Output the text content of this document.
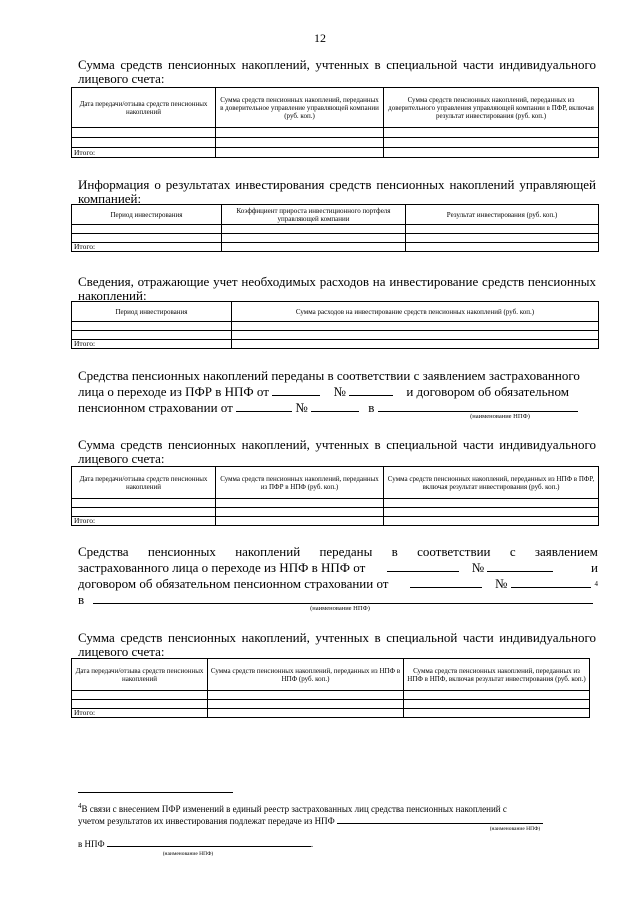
12
Сумма средств пенсионных накоплений, учтенных в специальной части индивидуального лицевого счета:
Дата передачи/отзыва средств пенсионных накоплений	Сумма средств пенсионных накоплений, переданных в доверительное управление управляющей компании (руб. коп.)	Сумма средств пенсионных накоплений, переданных из доверительного управления управляющей компании в ПФР, включая результат инвестирования (руб. коп.)

Итого:		
Информация о результатах инвестирования средств пенсионных накоплений управляющей компанией:
Период инвестирования	Коэффициент прироста инвестиционного портфеля управляющей компании	Результат инвестирования (руб. коп.)

Итого:		
Сведения, отражающие учет необходимых расходов на инвестирование средств пенсионных накоплений:
Период инвестирования	Сумма расходов на инвестирование средств пенсионных накоплений (руб. коп.)

Итого:	
Средства пенсионных накоплений переданы в соответствии с заявлением застрахованного
лица о переходе из ПФР в НПФ от	№	и договором об обязательном
пенсионном страховании от	№	в
(наименование НПФ)
Сумма средств пенсионных накоплений, учтенных в специальной части индивидуального лицевого счета:
Дата передачи/отзыва средств пенсионных накоплений	Сумма средств пенсионных накоплений, переданных из ПФР в НПФ (руб. коп.)	Сумма средств пенсионных накоплений, переданных из НПФ в ПФР, включая результат инвестирования (руб. коп.)

Итого:		
Средства пенсионных накоплений переданы в соответствии с заявлением
застрахованного лица о переходе из НПФ в НПФ от	№	и
договором об обязательном пенсионном страховании от	№	4
в
(наименование НПФ)
Сумма средств пенсионных накоплений, учтенных в специальной части индивидуального лицевого счета:
Дата передачи/отзыва средств пенсионных накоплений	Сумма средств пенсионных накоплений, переданных из НПФ в НПФ (руб. коп.)	Сумма средств пенсионных накоплений, переданных из НПФ в НПФ, включая результат инвестирования (руб. коп.)

Итого:		
$^4$В связи с внесением ПФР изменений в единый реестр застрахованных лиц средства пенсионных накоплений с
учетом результатов их инвестирования подлежат передаче из НПФ
(наименование НПФ)
в НПФ	.
(наименование НПФ)
